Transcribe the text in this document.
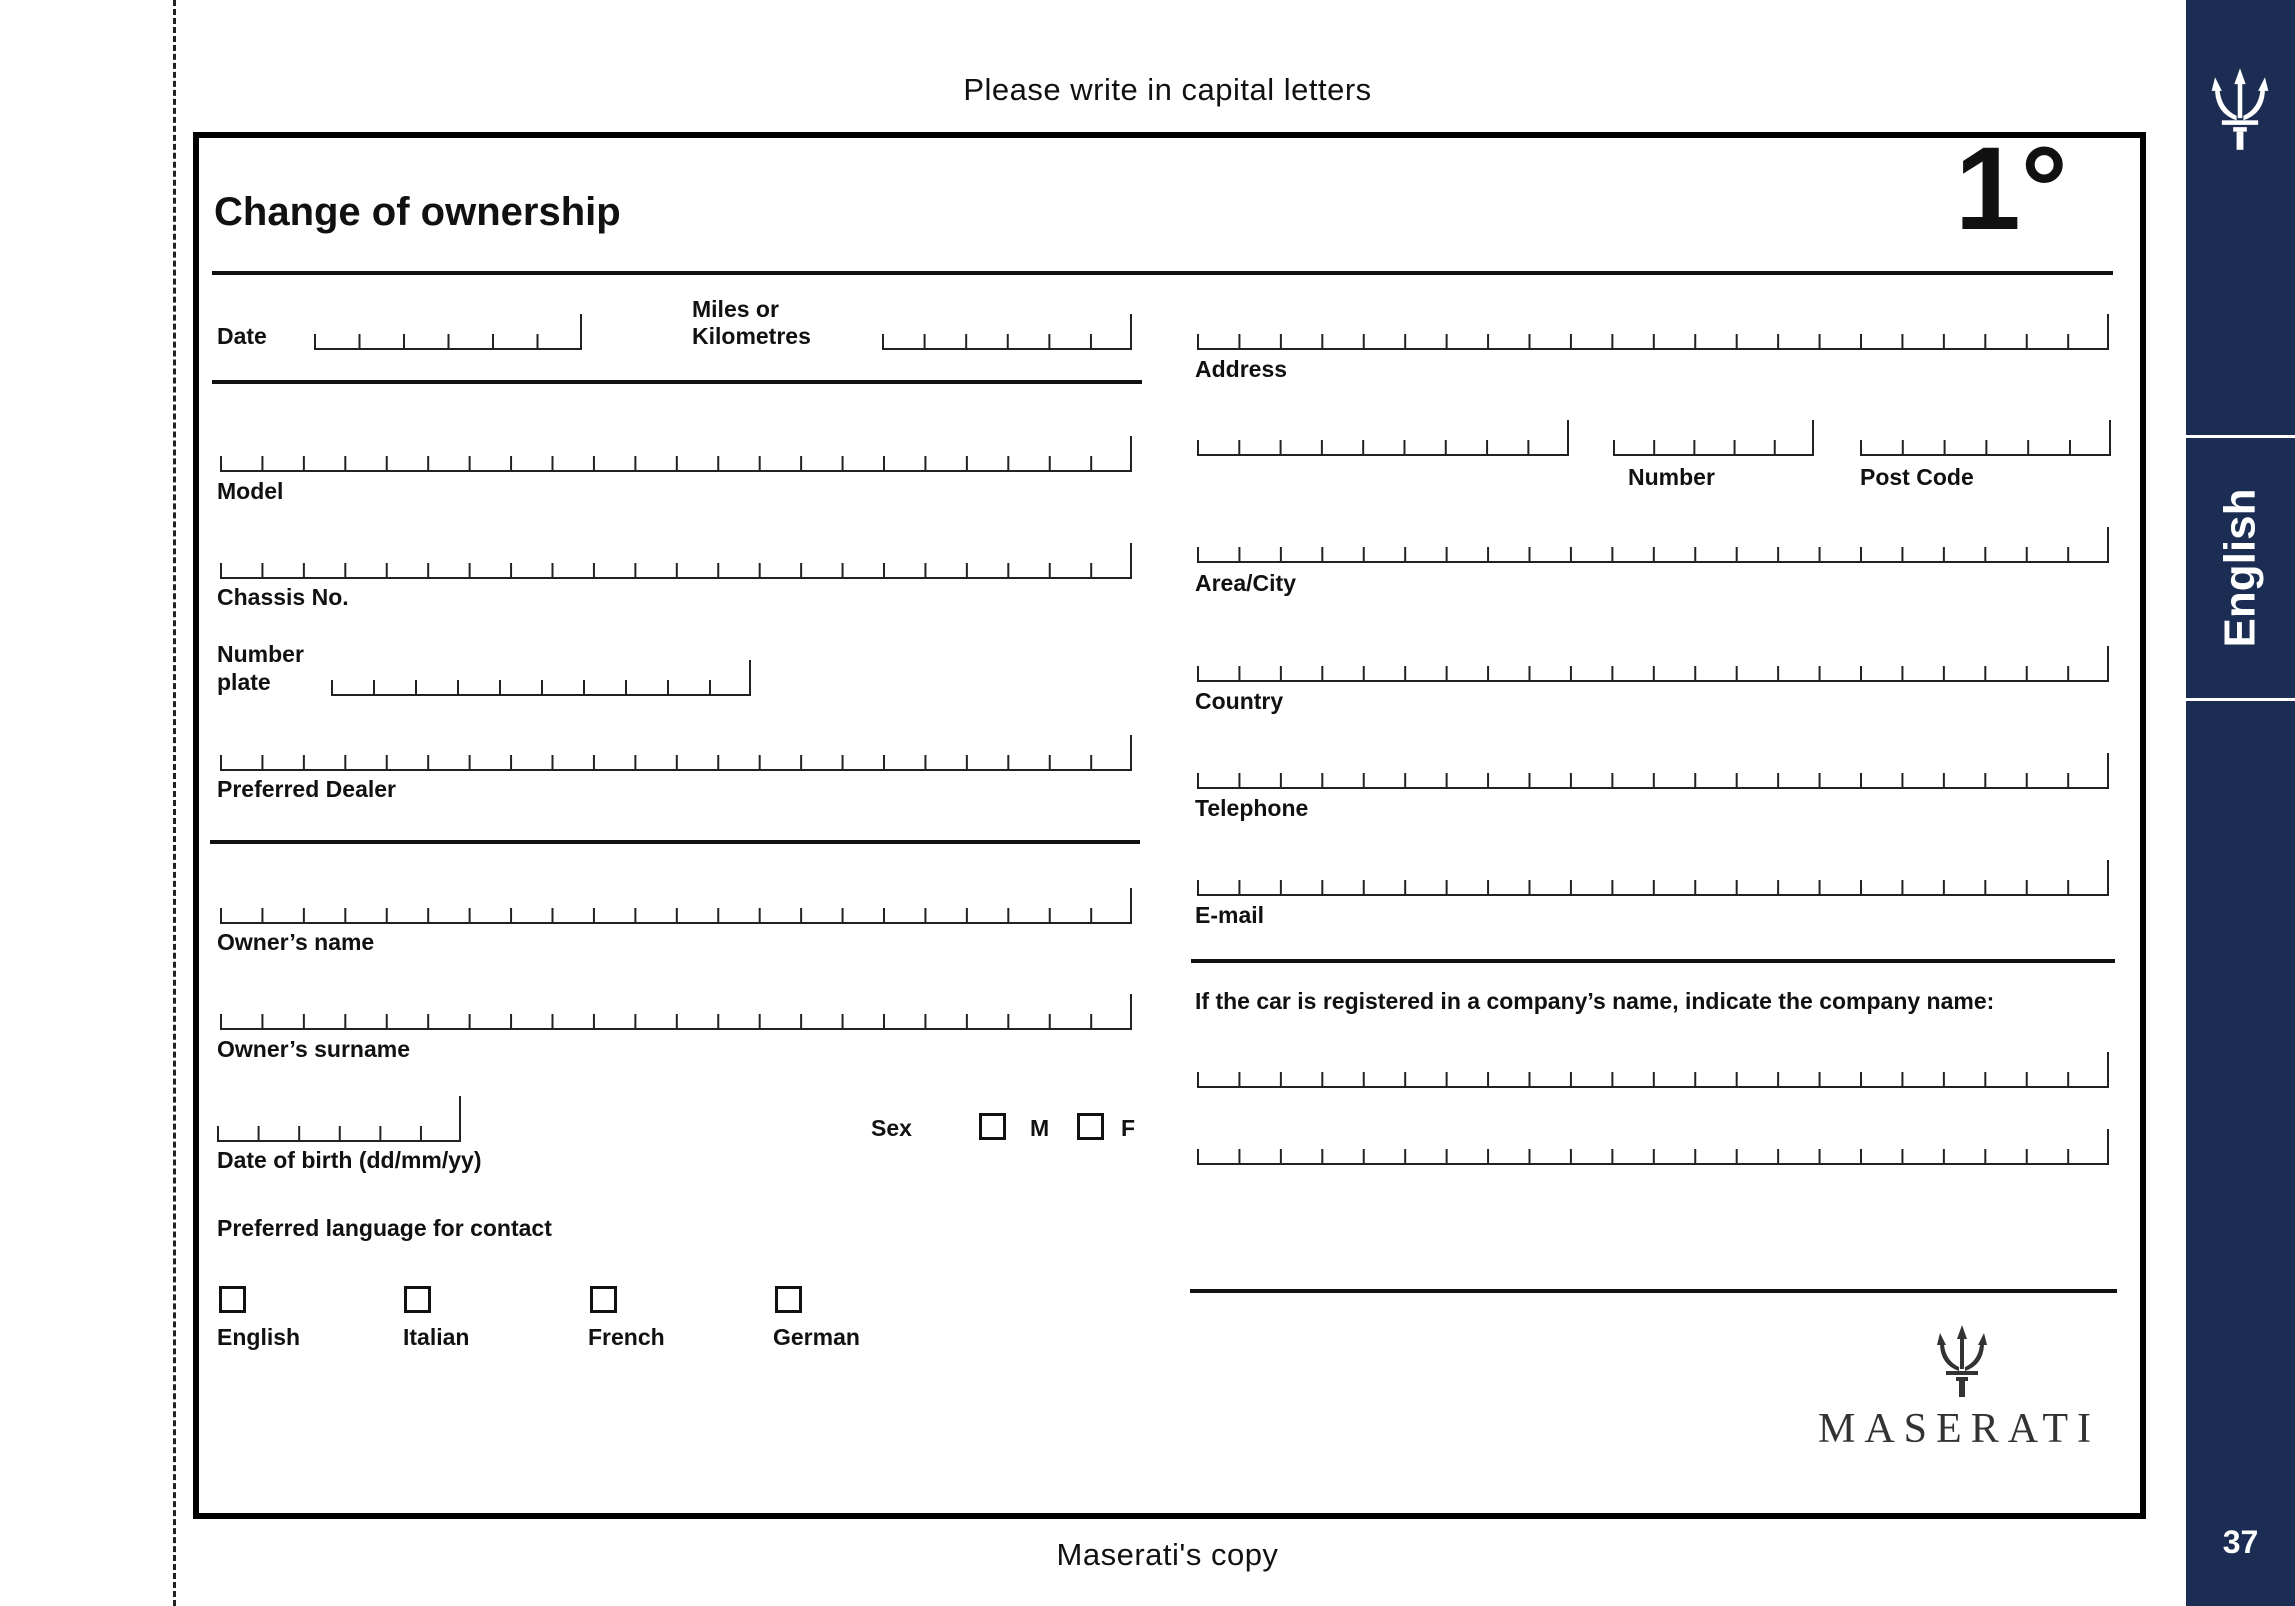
Please write in capital letters
Change of ownership	1°
Date
Miles or
Kilometres
Model
Chassis No.
Number
plate
Preferred Dealer
Owner’s name
Owner’s surname
Date of birth (dd/mm/yy)
Sex	M	F
Preferred language for contact
English	Italian	French	German
Address
Number	Post Code
Area/City
Country
Telephone
E-mail
If the car is registered in a company’s name, indicate the company name:
MASERATI
Maserati's copy
English
37
